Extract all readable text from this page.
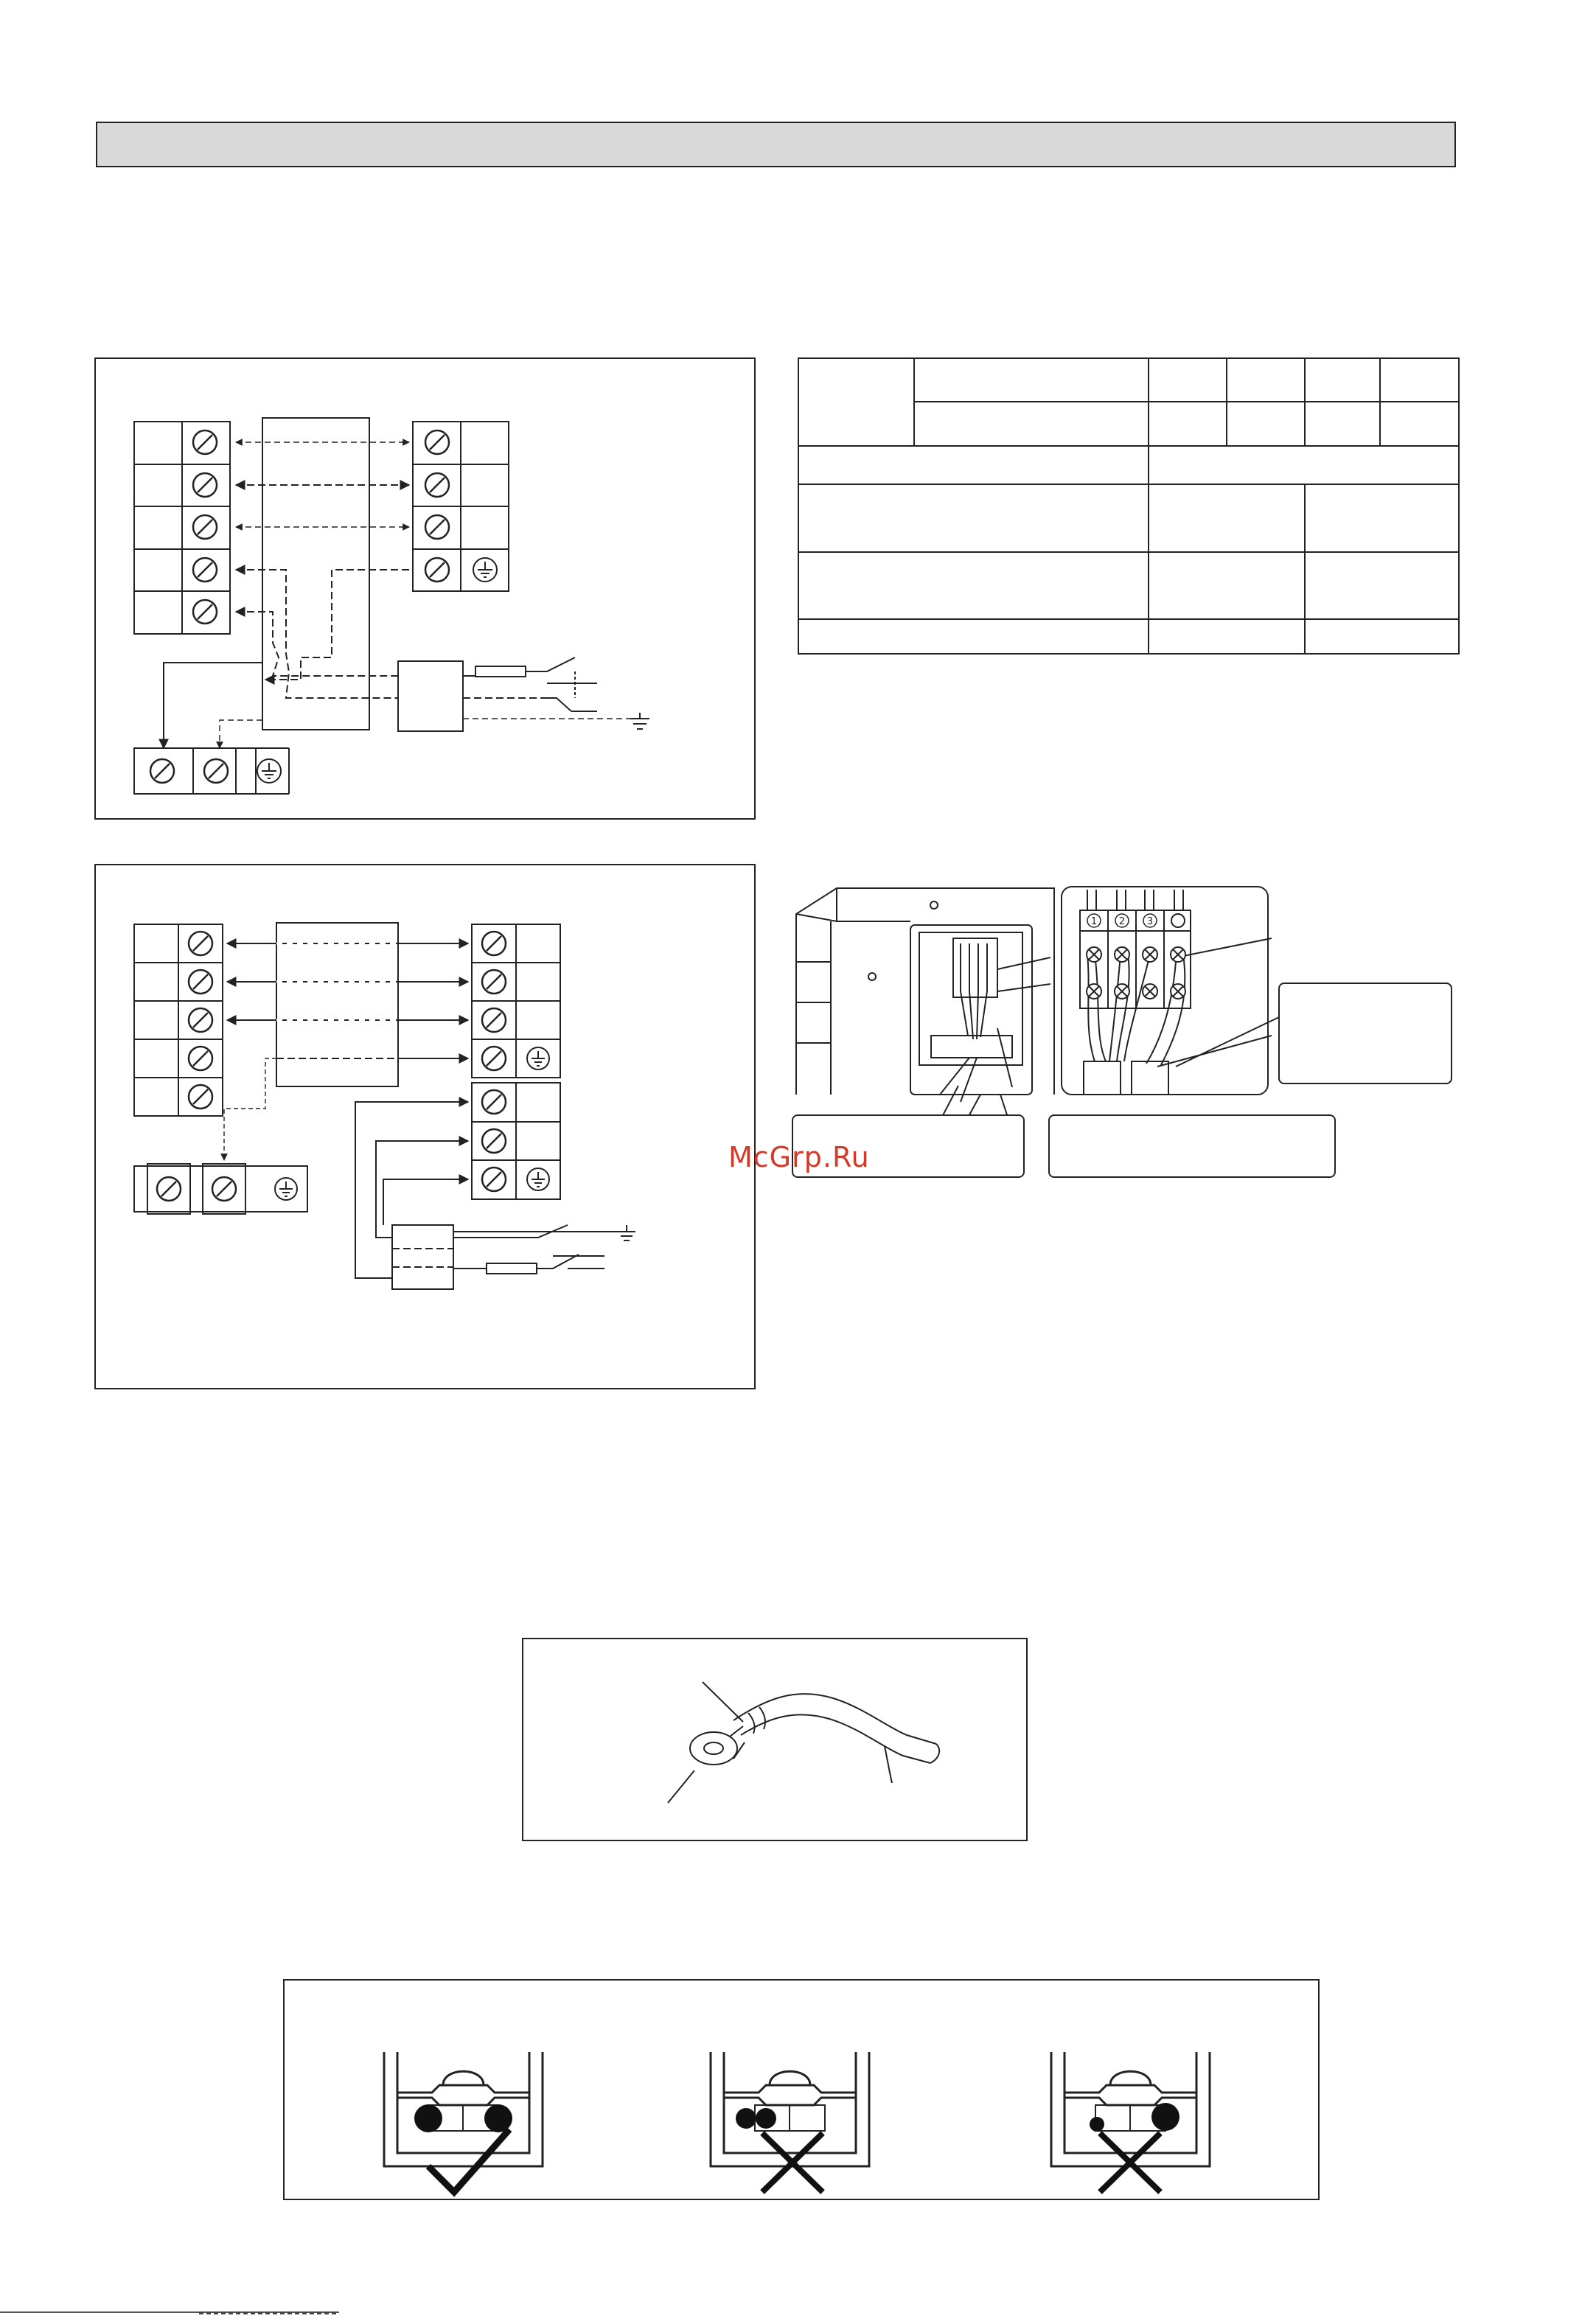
1 2 3
McGrp.Ru
